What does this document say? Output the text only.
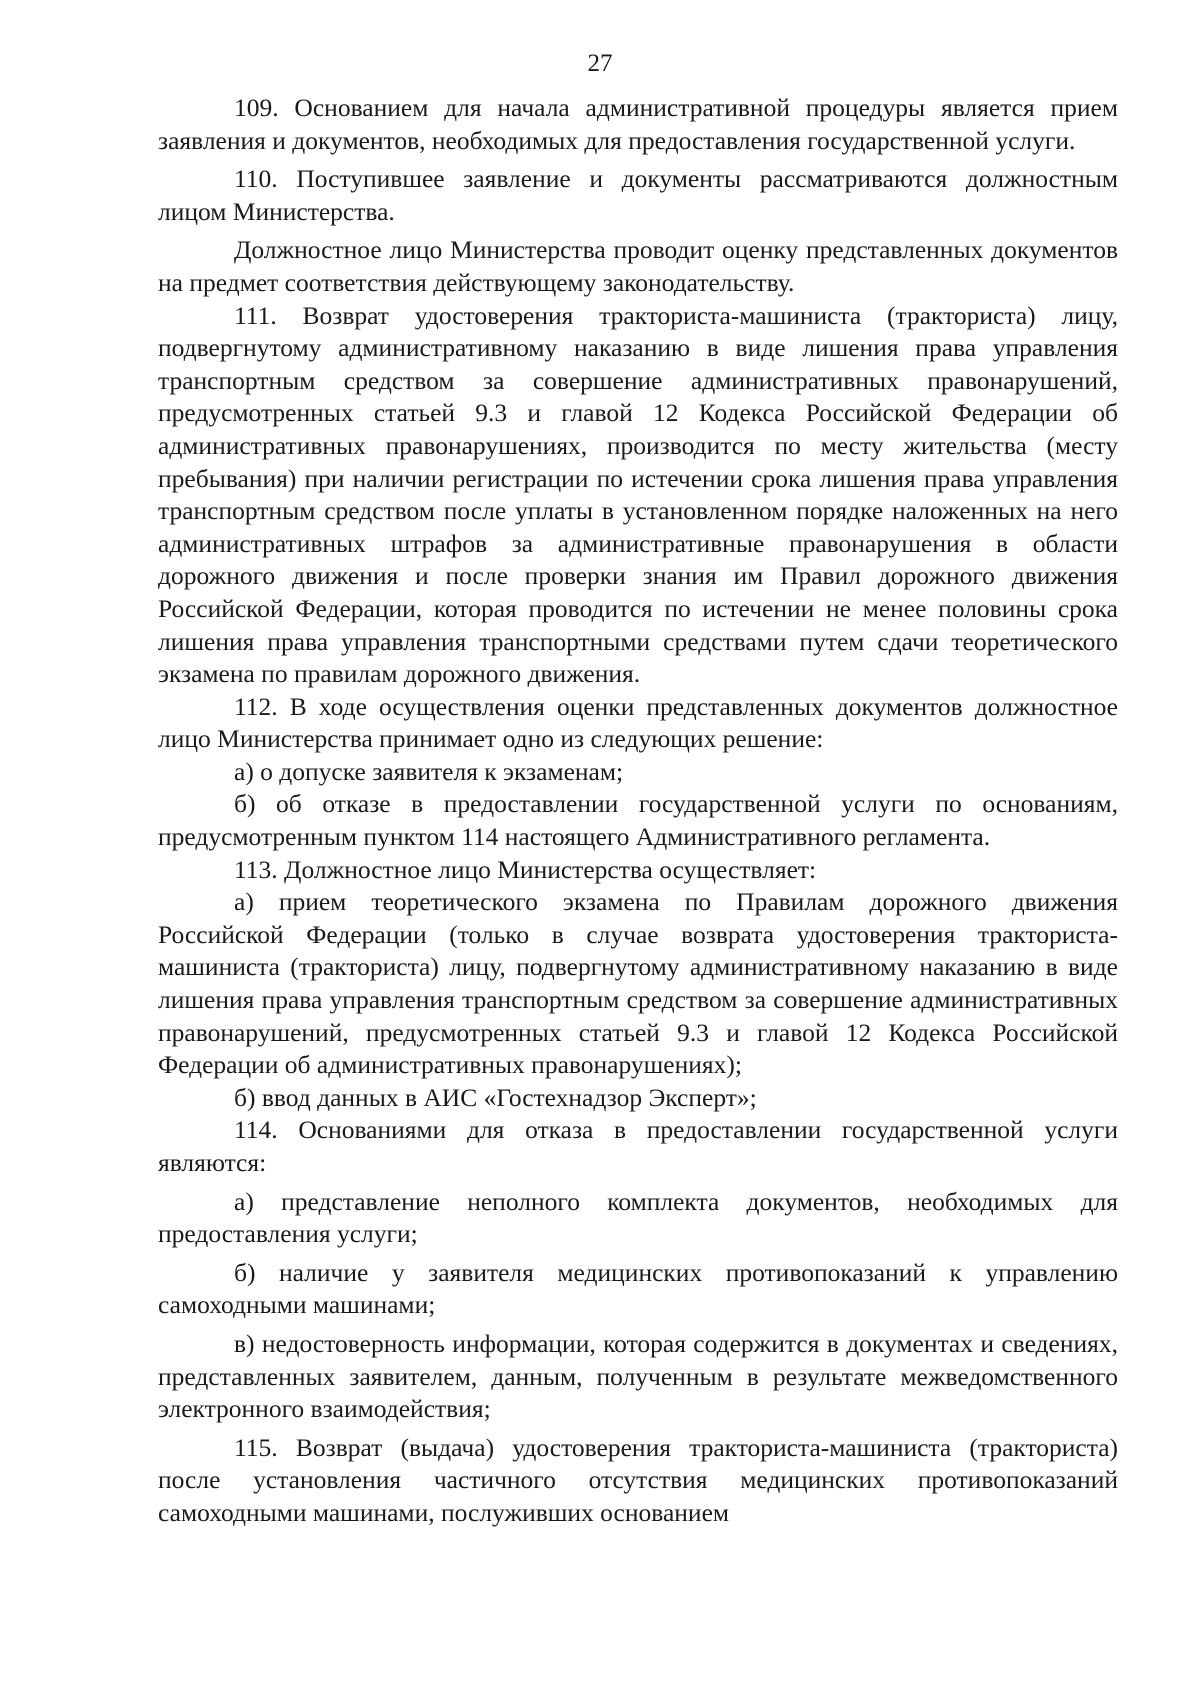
27

109. Основанием для начала административной процедуры является прием заявления и документов, необходимых для предоставления государственной услуги.

110. Поступившее заявление и документы рассматриваются должностным лицом Министерства.

Должностное лицо Министерства проводит оценку представленных документов на предмет соответствия действующему законодательству.

111. Возврат удостоверения тракториста-машиниста (тракториста) лицу, подвергнутому административному наказанию в виде лишения права управления транспортным средством за совершение административных правонарушений, предусмотренных статьей 9.3 и главой 12 Кодекса Российской Федерации об административных правонарушениях, производится по месту жительства (месту пребывания) при наличии регистрации по истечении срока лишения права управления транспортным средством после уплаты в установленном порядке наложенных на него административных штрафов за административные правонарушения в области дорожного движения и после проверки знания им Правил дорожного движения Российской Федерации, которая проводится по истечении не менее половины срока лишения права управления транспортными средствами путем сдачи теоретического экзамена по правилам дорожного движения.

112. В ходе осуществления оценки представленных документов должностное лицо Министерства принимает одно из следующих решение:

а) о допуске заявителя к экзаменам;

б) об отказе в предоставлении государственной услуги по основаниям, предусмотренным пунктом 114 настоящего Административного регламента.

113. Должностное лицо Министерства осуществляет:

а) прием теоретического экзамена по Правилам дорожного движения Российской Федерации (только в случае возврата удостоверения тракториста-машиниста (тракториста) лицу, подвергнутому административному наказанию в виде лишения права управления транспортным средством за совершение административных правонарушений, предусмотренных статьей 9.3 и главой 12 Кодекса Российской Федерации об административных правонарушениях);

б) ввод данных в АИС «Гостехнадзор Эксперт»;

114. Основаниями для отказа в предоставлении государственной услуги являются:

а) представление неполного комплекта документов, необходимых для предоставления услуги;

б) наличие у заявителя медицинских противопоказаний к управлению самоходными машинами;

в) недостоверность информации, которая содержится в документах и сведениях, представленных заявителем, данным, полученным в результате межведомственного электронного взаимодействия;

115. Возврат (выдача) удостоверения тракториста-машиниста (тракториста) после установления частичного отсутствия медицинских противопоказаний самоходными машинами, послуживших основанием
